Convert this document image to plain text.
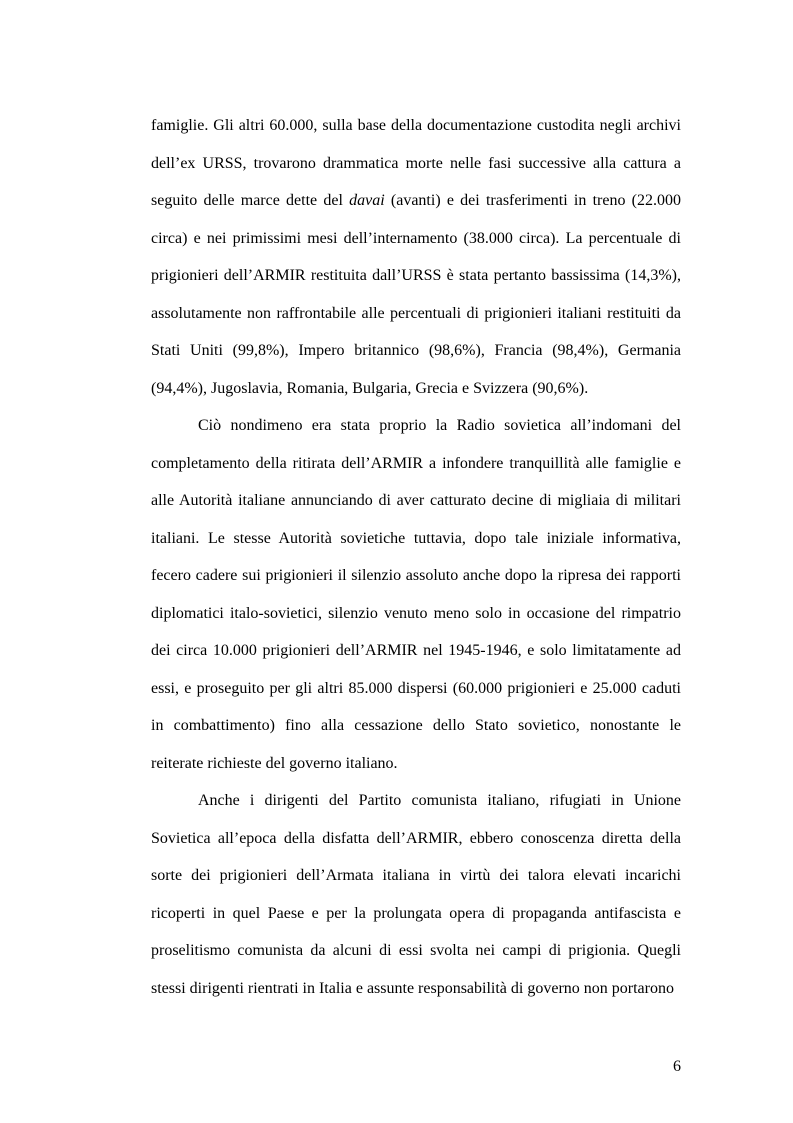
famiglie. Gli altri 60.000, sulla base della documentazione custodita negli archivi dell’ex URSS, trovarono drammatica morte nelle fasi successive alla cattura a seguito delle marce dette del davai (avanti) e dei trasferimenti in treno (22.000 circa) e nei primissimi mesi dell’internamento (38.000 circa). La percentuale di prigionieri dell’ARMIR restituita dall’URSS è stata pertanto bassissima (14,3%), assolutamente non raffrontabile alle percentuali di prigionieri italiani restituiti da Stati Uniti (99,8%), Impero britannico (98,6%), Francia (98,4%), Germania (94,4%), Jugoslavia, Romania, Bulgaria, Grecia e Svizzera (90,6%).

Ciò nondimeno era stata proprio la Radio sovietica all’indomani del completamento della ritirata dell’ARMIR a infondere tranquillità alle famiglie e alle Autorità italiane annunciando di aver catturato decine di migliaia di militari italiani. Le stesse Autorità sovietiche tuttavia, dopo tale iniziale informativa, fecero cadere sui prigionieri il silenzio assoluto anche dopo la ripresa dei rapporti diplomatici italo-sovietici, silenzio venuto meno solo in occasione del rimpatrio dei circa 10.000 prigionieri dell’ARMIR nel 1945-1946, e solo limitatamente ad essi, e proseguito per gli altri 85.000 dispersi (60.000 prigionieri e 25.000 caduti in combattimento) fino alla cessazione dello Stato sovietico, nonostante le reiterate richieste del governo italiano.

Anche i dirigenti del Partito comunista italiano, rifugiati in Unione Sovietica all’epoca della disfatta dell’ARMIR, ebbero conoscenza diretta della sorte dei prigionieri dell’Armata italiana in virtù dei talora elevati incarichi ricoperti in quel Paese e per la prolungata opera di propaganda antifascista e proselitismo comunista da alcuni di essi svolta nei campi di prigionia. Quegli stessi dirigenti rientrati in Italia e assunte responsabilità di governo non portarono

6
